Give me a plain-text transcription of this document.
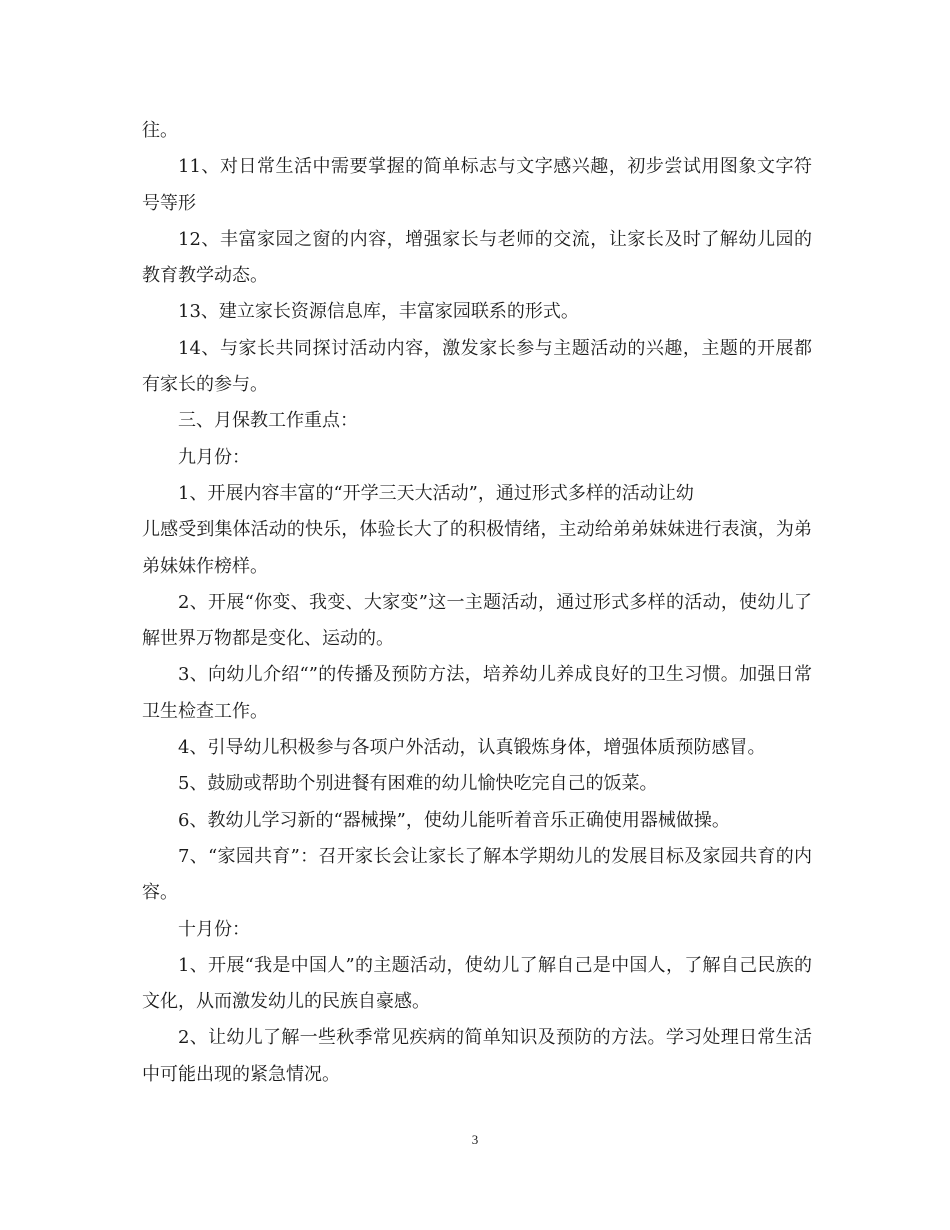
往。

11、对日常生活中需要掌握的简单标志与文字感兴趣，初步尝试用图象文字符号等形

12、丰富家园之窗的内容，增强家长与老师的交流，让家长及时了解幼儿园的教育教学动态。

13、建立家长资源信息库，丰富家园联系的形式。

14、与家长共同探讨活动内容，激发家长参与主题活动的兴趣，主题的开展都有家长的参与。

三、月保教工作重点：

九月份：

1、开展内容丰富的“开学三天大活动”，通过形式多样的活动让幼

儿感受到集体活动的快乐，体验长大了的积极情绪，主动给弟弟妹妹进行表演，为弟弟妹妹作榜样。

2、开展“你变、我变、大家变”这一主题活动，通过形式多样的活动，使幼儿了解世界万物都是变化、运动的。

3、向幼儿介绍“”的传播及预防方法，培养幼儿养成良好的卫生习惯。加强日常卫生检查工作。

4、引导幼儿积极参与各项户外活动，认真锻炼身体，增强体质预防感冒。

5、鼓励或帮助个别进餐有困难的幼儿愉快吃完自己的饭菜。

6、教幼儿学习新的“器械操”，使幼儿能听着音乐正确使用器械做操。

7、“家园共育”：召开家长会让家长了解本学期幼儿的发展目标及家园共育的内容。

十月份：

1、开展“我是中国人”的主题活动，使幼儿了解自己是中国人，了解自己民族的文化，从而激发幼儿的民族自豪感。

2、让幼儿了解一些秋季常见疾病的简单知识及预防的方法。学习处理日常生活中可能出现的紧急情况。

3
